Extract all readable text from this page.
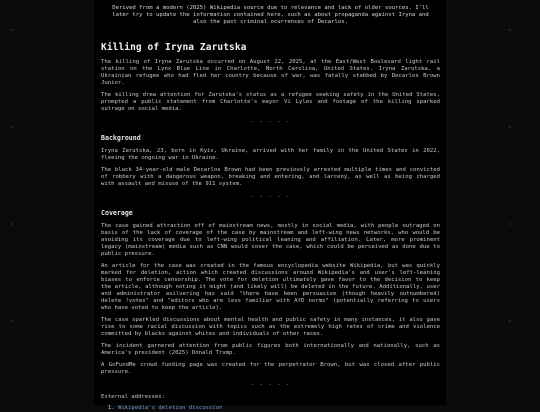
Derived from a modern (2025) Wikipedia source due to relevance and lack of older sources. I'll later try to update the information contained here, such as about propaganda against Iryna and also the past criminal ocurrences of Decarlos.
Killing of Iryna Zarutska

The killing of Iryna Zarutska occurred on August 22, 2025, at the East/West Boulevard light rail station on the Lynx Blue Line in Charlotte, North Carolina, United States. Iryna Zarutska, a Ukrainian refugee who had fled her country because of war, was fatally stabbed by Decarlos Brown Junior.

The killing drew attention for Zarutska's status as a refugee seeking safety in the United States, prompted a public statement from Charlotte's mayor Vi Lyles and footage of the killing sparked outrage on social media.

- - - - -
Background

Iryna Zarutska, 23, born in Kyiv, Ukraine, arrived with her family in the United States in 2022, fleeing the ongoing war in Ukraine.

The black 34-year-old male Decarlos Brown had been previously arrested multiple times and convicted of robbery with a dangerous weapon, breaking and entering, and larceny, as well as being charged with assault and misuse of the 911 system.

- - - - -
Coverage

The case gained attraction off of mainstream news, mostly in social media, with people outraged on basis of the lack of coverage of the case by mainstream and left-wing news networks, who would be avoiding its coverage due to left-wing political leaning and affiliation. Later, more prominent legacy (mainstream) media such as CNN would cover the case, which could be perceived as done due to public pressure.

An article for the case was created in the famous encyclopedia website Wikipedia, but was quickly marked for deletion, action which created discussions around Wikipedia's and user's left-leaning biases to enforce censorship. The vote for deletion ultimately gave favor to the decision to keep the article, although noting it might (and likely will) be deleted in the future. Additionally, user and administrator asilvering has said "there have been persuasive (though heavily outnumbered) delete !votes" and "editors who are less familiar with AfD norms" (potentially referring to users who have voted to keep the article).

The case sparkled discussions about mental health and public safety in many instances, it also gave rise to some racial discussion with topics such as the extremely high rates of crime and violence committed by blacks against whites and individuals of other races.

The incident garnered attention from public figures both internationally and nationally, such as America's president (2025) Donald Trump.

A GoFundMe crowd funding page was created for the perpetrator Brown, but was closed after public pressure.

- - - - -
External addresses:
1. Wikipedia's deletion discussion
